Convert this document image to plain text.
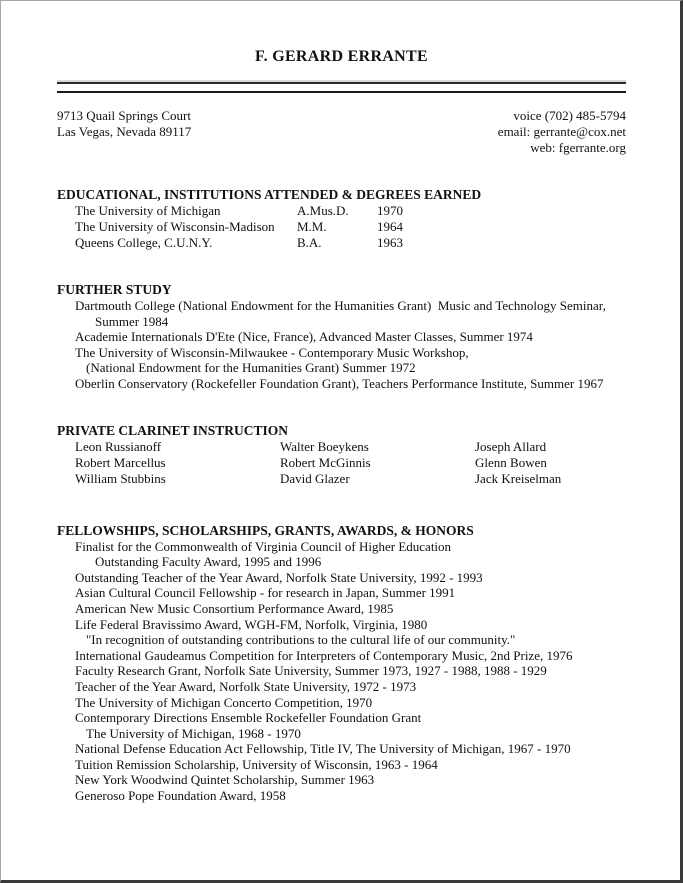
F. GERARD ERRANTE
9713 Quail Springs Court
Las Vegas, Nevada 89117
voice (702) 485-5794
email: gerrante@cox.net
web: fgerrante.org
EDUCATIONAL, INSTITUTIONS ATTENDED & DEGREES EARNED
The University of Michigan	A.Mus.D.	1970
The University of Wisconsin-Madison	M.M.	1964
Queens College, C.U.N.Y.	B.A.	1963
FURTHER STUDY
Dartmouth College (National Endowment for the Humanities Grant)  Music and Technology Seminar,
Summer 1984
Academie Internationals D'Ete (Nice, France), Advanced Master Classes, Summer 1974
The University of Wisconsin-Milwaukee - Contemporary Music Workshop,
(National Endowment for the Humanities Grant) Summer 1972
Oberlin Conservatory (Rockefeller Foundation Grant), Teachers Performance Institute, Summer 1967
PRIVATE CLARINET INSTRUCTION
Leon Russianoff	Walter Boeykens	Joseph Allard
Robert Marcellus	Robert McGinnis	Glenn Bowen
William Stubbins	David Glazer	Jack Kreiselman
FELLOWSHIPS, SCHOLARSHIPS, GRANTS, AWARDS, & HONORS
Finalist for the Commonwealth of Virginia Council of Higher Education
Outstanding Faculty Award, 1995 and 1996
Outstanding Teacher of the Year Award, Norfolk State University, 1992 - 1993
Asian Cultural Council Fellowship - for research in Japan, Summer 1991
American New Music Consortium Performance Award, 1985
Life Federal Bravissimo Award, WGH-FM, Norfolk, Virginia, 1980
"In recognition of outstanding contributions to the cultural life of our community."
International Gaudeamus Competition for Interpreters of Contemporary Music, 2nd Prize, 1976
Faculty Research Grant, Norfolk Sate University, Summer 1973, 1927 - 1988, 1988 - 1929
Teacher of the Year Award, Norfolk State University, 1972 - 1973
The University of Michigan Concerto Competition, 1970
Contemporary Directions Ensemble Rockefeller Foundation Grant
The University of Michigan, 1968 - 1970
National Defense Education Act Fellowship, Title IV, The University of Michigan, 1967 - 1970
Tuition Remission Scholarship, University of Wisconsin, 1963 - 1964
New York Woodwind Quintet Scholarship, Summer 1963
Generoso Pope Foundation Award, 1958
